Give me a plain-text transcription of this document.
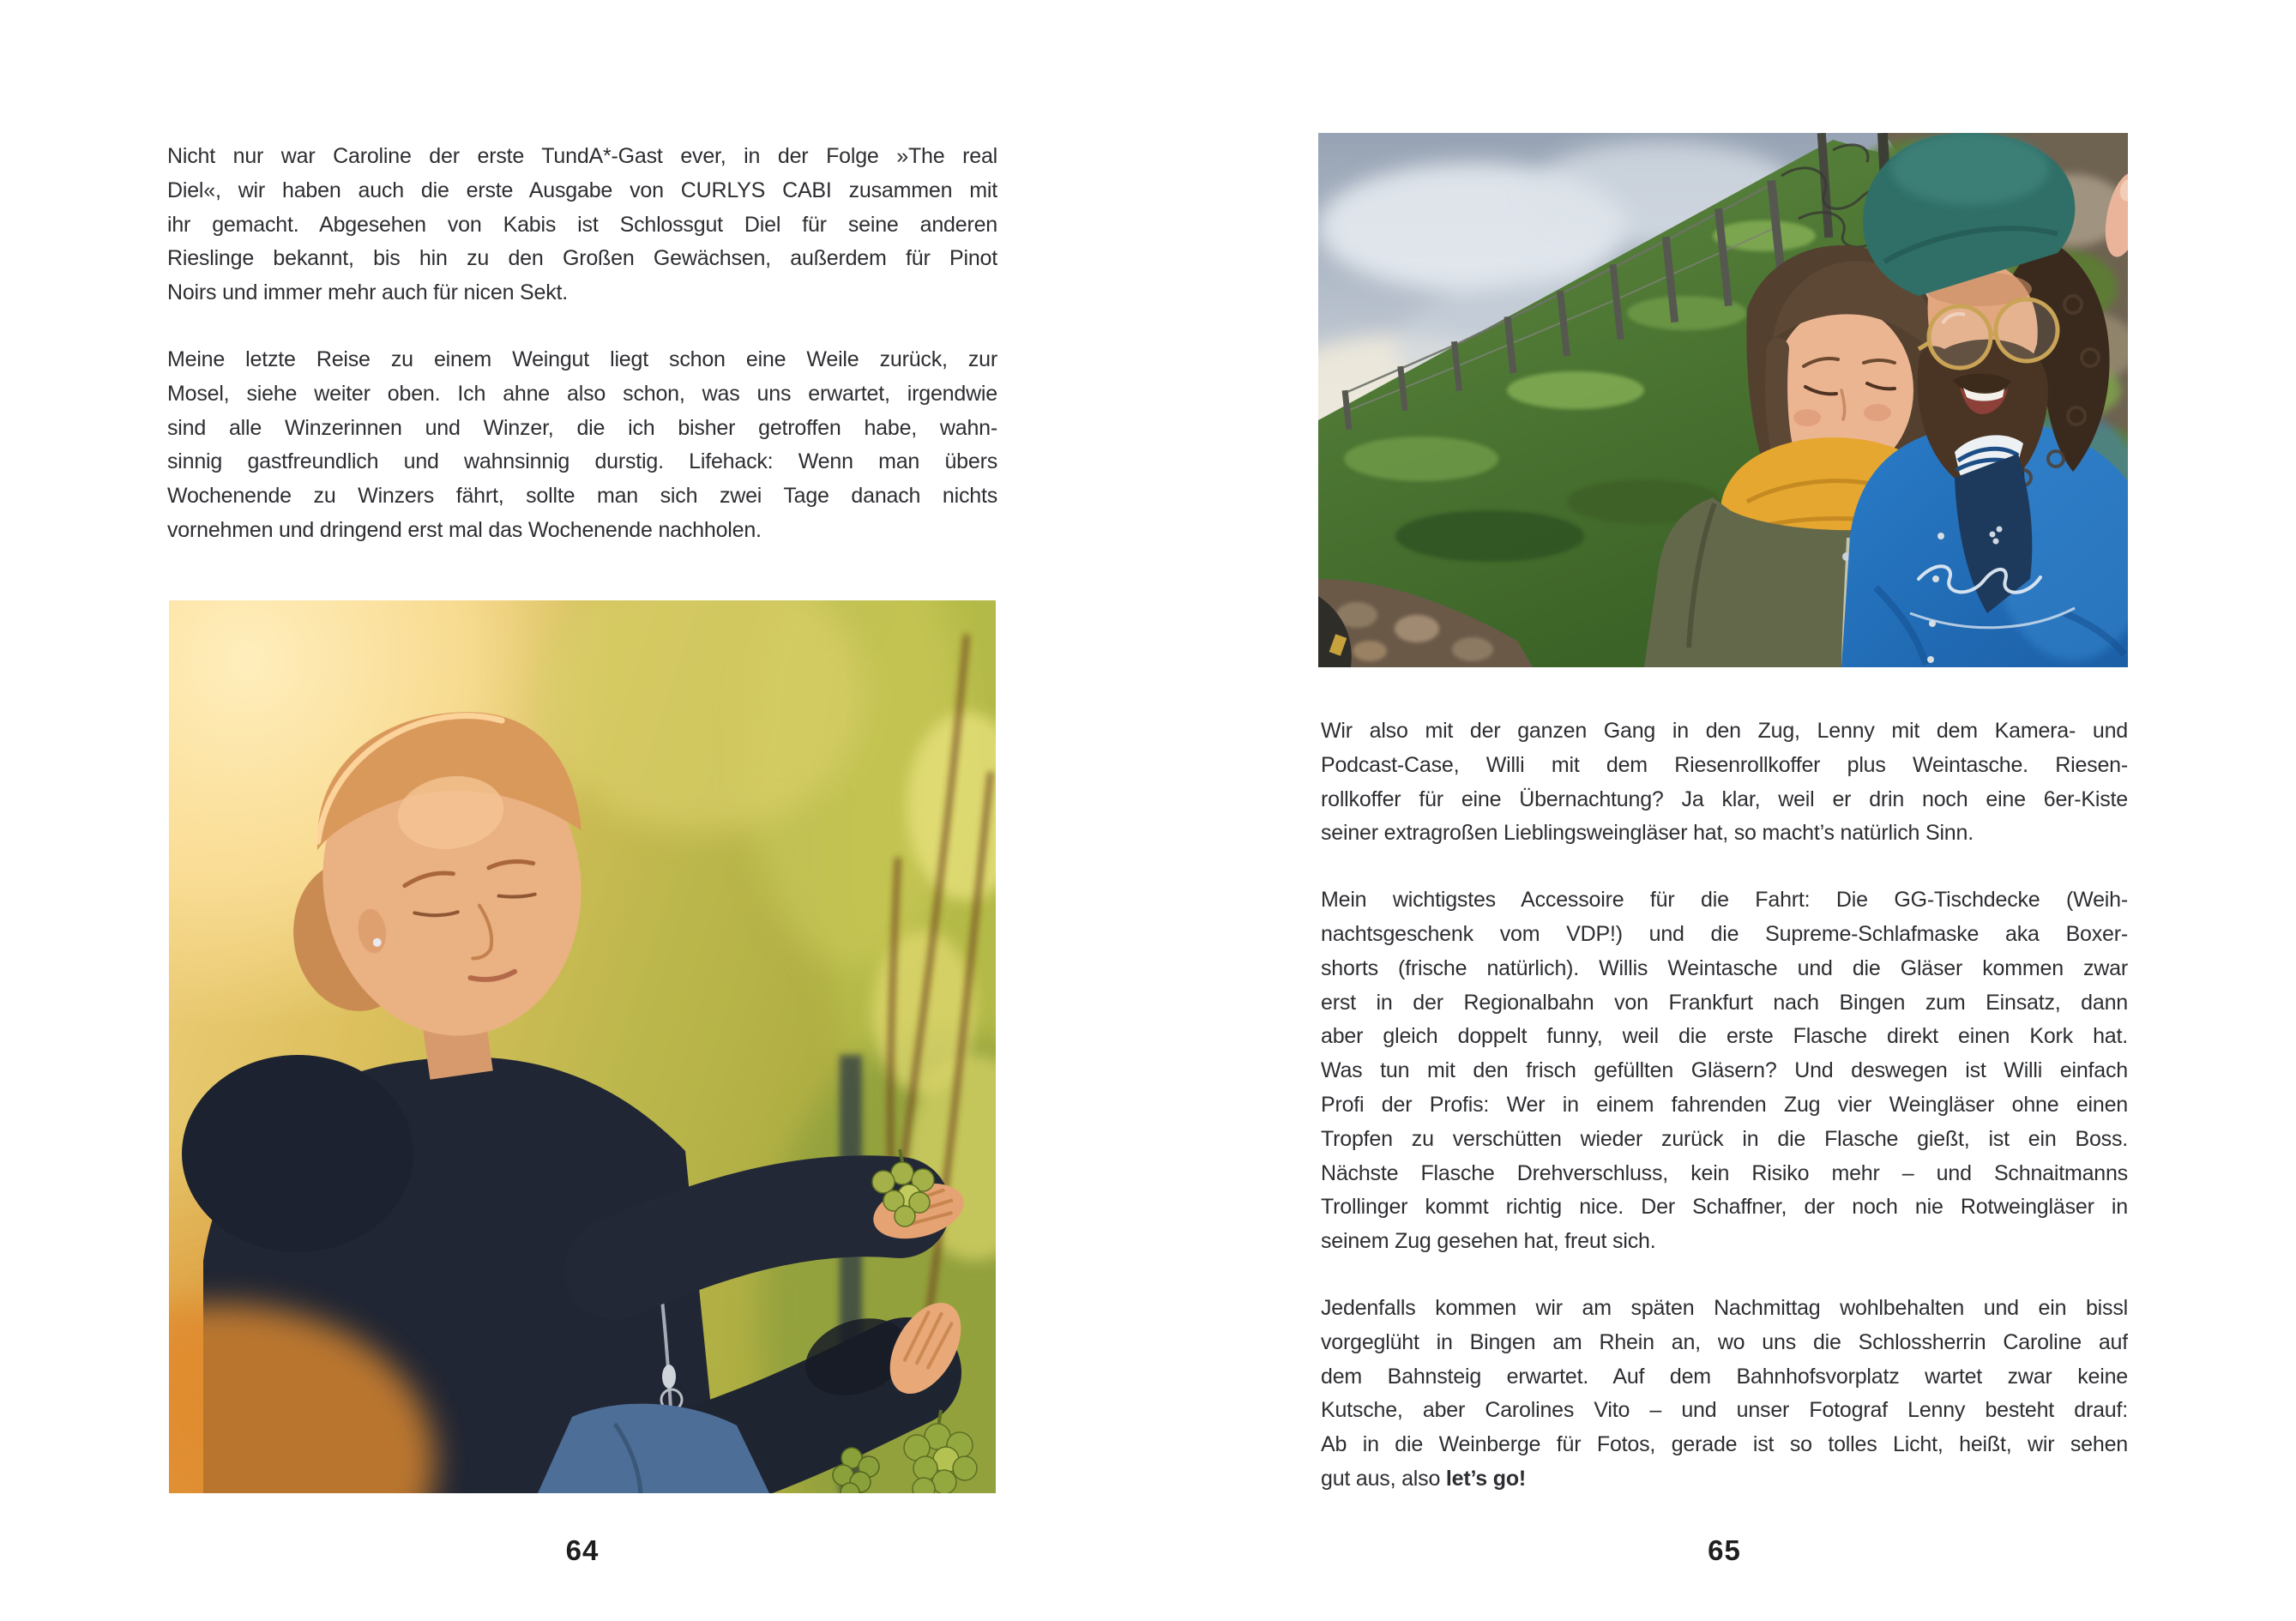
Nicht nur war Caroline der erste TundA*-Gast ever, in der Folge »The real
Diel«, wir haben auch die erste Ausgabe von CURLYS CABI zusammen mit
ihr gemacht. Abgesehen von Kabis ist Schlossgut Diel für seine anderen
Rieslinge bekannt, bis hin zu den Großen Gewächsen, außerdem für Pinot
Noirs und immer mehr auch für nicen Sekt.
Meine letzte Reise zu einem Weingut liegt schon eine Weile zurück, zur
Mosel, siehe weiter oben. Ich ahne also schon, was uns erwartet, irgendwie
sind alle Winzerinnen und Winzer, die ich bisher getroffen habe, wahn-
sinnig gastfreundlich und wahnsinnig durstig. Lifehack: Wenn man übers
Wochenende zu Winzers fährt, sollte man sich zwei Tage danach nichts
vornehmen und dringend erst mal das Wochenende nachholen.
64
Wir also mit der ganzen Gang in den Zug, Lenny mit dem Kamera- und
Podcast-Case, Willi mit dem Riesenrollkoffer plus Weintasche. Riesen-
rollkoffer für eine Übernachtung? Ja klar, weil er drin noch eine 6er-Kiste
seiner extragroßen Lieblingsweingläser hat, so macht’s natürlich Sinn.
Mein wichtigstes Accessoire für die Fahrt: Die GG-Tischdecke (Weih-
nachtsgeschenk vom VDP!) und die Supreme-Schlafmaske aka Boxer-
shorts (frische natürlich). Willis Weintasche und die Gläser kommen zwar
erst in der Regionalbahn von Frankfurt nach Bingen zum Einsatz, dann
aber gleich doppelt funny, weil die erste Flasche direkt einen Kork hat.
Was tun mit den frisch gefüllten Gläsern? Und deswegen ist Willi einfach
Profi der Profis: Wer in einem fahrenden Zug vier Weingläser ohne einen
Tropfen zu verschütten wieder zurück in die Flasche gießt, ist ein Boss.
Nächste Flasche Drehverschluss, kein Risiko mehr – und Schnaitmanns
Trollinger kommt richtig nice. Der Schaffner, der noch nie Rotweingläser in
seinem Zug gesehen hat, freut sich.
Jedenfalls kommen wir am späten Nachmittag wohlbehalten und ein bissl
vorgeglüht in Bingen am Rhein an, wo uns die Schlossherrin Caroline auf
dem Bahnsteig erwartet. Auf dem Bahnhofsvorplatz wartet zwar keine
Kutsche, aber Carolines Vito – und unser Fotograf Lenny besteht drauf:
Ab in die Weinberge für Fotos, gerade ist so tolles Licht, heißt, wir sehen
gut aus, also let’s go!
65
